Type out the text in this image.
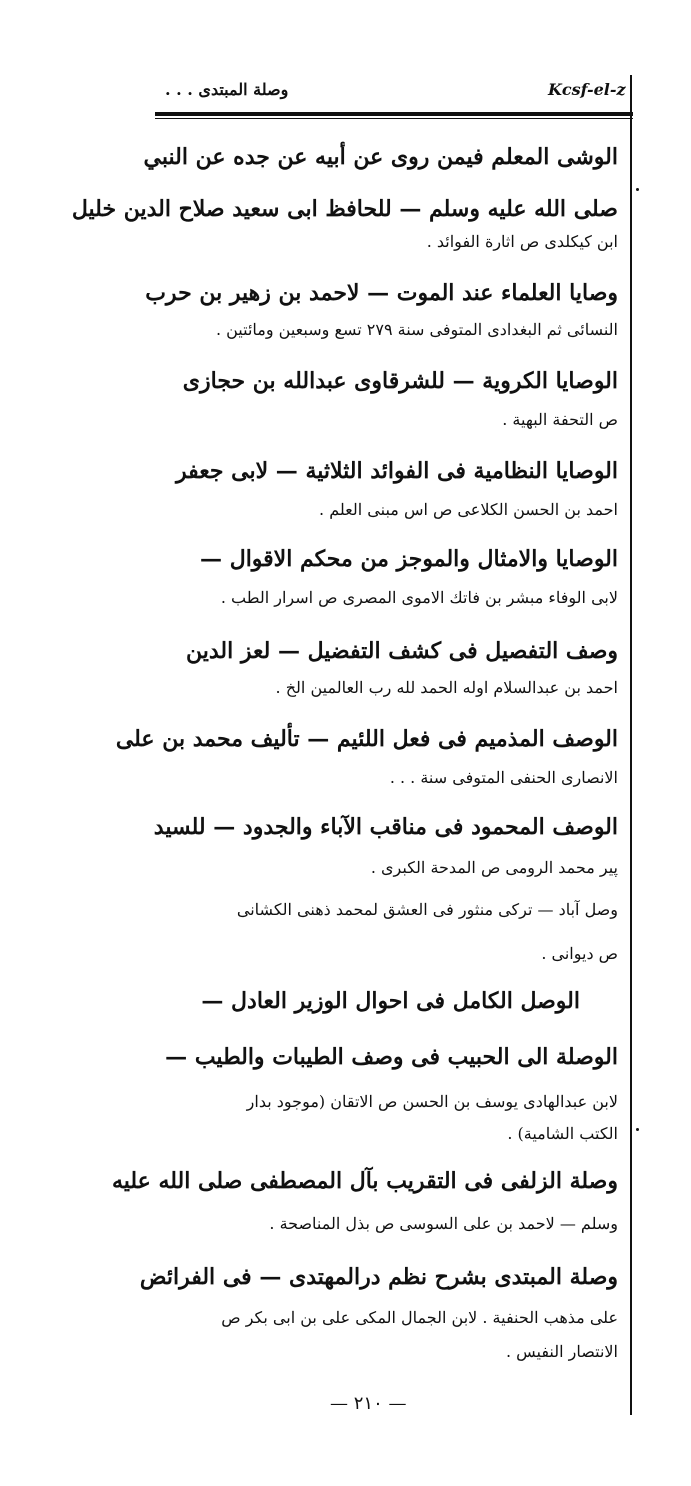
وصلة المبتدى . . .	Kcsf-el-z
الوشى المعلم فيمن روى عن أبيه عن جده عن النبي
صلى الله عليه وسلم — للحافظ ابى سعيد صلاح الدين خليل
ابن كيكلدى ص اثارة الفوائد .
وصايا العلماء عند الموت — لاحمد بن زهير بن حرب
النسائى ثم البغدادى المتوفى سنة ٢٧٩ تسع وسبعين ومائتين .
الوصايا الكروية — للشرقاوى عبدالله بن حجازى
ص التحفة البهية .
الوصايا النظامية فى الفوائد الثلاثية — لابى جعفر
احمد بن الحسن الكلاعى ص اس مبنى العلم .
الوصايا والامثال والموجز من محكم الاقوال —
لابى الوفاء مبشر بن فاتك الاموى المصرى ص اسرار الطب .
وصف التفصيل فى كشف التفضيل — لعز الدين
احمد بن عبدالسلام اوله الحمد لله رب العالمين الخ .
الوصف المذميم فى فعل اللئيم — تأليف محمد بن على
الانصارى الحنفى المتوفى سنة . . .
الوصف المحمود فى مناقب الآباء والجدود — للسيد
پير محمد الرومى ص المدحة الكبرى .
وصل آباد — تركى منثور فى العشق لمحمد ذهنى الكشانى
ص ديوانى .
الوصل الكامل فى احوال الوزير العادل —
الوصلة الى الحبيب فى وصف الطيبات والطيب —
لابن عبدالهادى يوسف بن الحسن ص الاتقان (موجود بدار
الكتب الشامية) .
وصلة الزلفى فى التقريب بآل المصطفى صلى الله عليه
وسلم — لاحمد بن على السوسى ص بذل المناصحة .
وصلة المبتدى بشرح نظم درالمهتدى — فى الفرائض
على مذهب الحنفية . لابن الجمال المكى على بن ابى بكر ص
الانتصار النفيس .
— ٢١٠ —
